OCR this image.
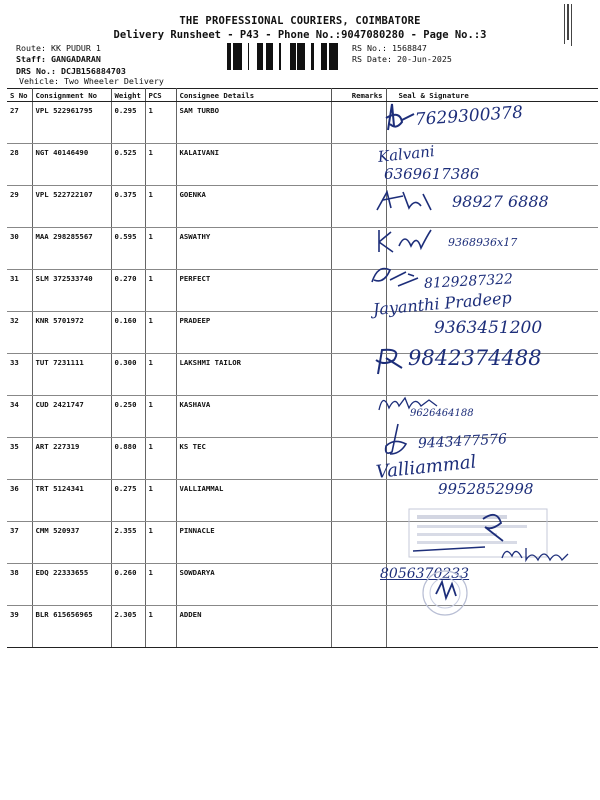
THE PROFESSIONAL COURIERS, COIMBATORE
Delivery Runsheet - P43 - Phone No.:9047080280 - Page No.:3
Route: KK PUDUR 1
Staff: GANGADARAN
DRS No.: DCJB156884703
Vehicle: Two Wheeler Delivery
RS No.: 1568847
RS Date: 20-Jun-2025
S No	Consignment No	Weight	PCS	Consignee Details	Remarks	Seal & Signature
27	VPL 522961795	0.295	1	SAM TURBO		
28	NGT 40146490	0.525	1	KALAIVANI		
29	VPL 522722107	0.375	1	GOENKA		
30	MAA 298285567	0.595	1	ASWATHY		
31	SLM 372533740	0.270	1	PERFECT		
32	KNR 5701972	0.160	1	PRADEEP		
33	TUT 7231111	0.300	1	LAKSHMI TAILOR		
34	CUD 2421747	0.250	1	KASHAVA		
35	ART 227319	0.880	1	KS TEC		
36	TRT 5124341	0.275	1	VALLIAMMAL		
37	CMM 520937	2.355	1	PINNACLE		
38	EDQ 22333655	0.260	1	SOWDARYA		
39	BLR 615656965	2.305	1	ADDEN		
7629300378
Kalvani
6369617386
98927 6888
9368936x17
8129287322
Jayanthi Pradeep
9363451200
9842374488
9626464188
9443477576
Valliammal
9952852998
8056370233
